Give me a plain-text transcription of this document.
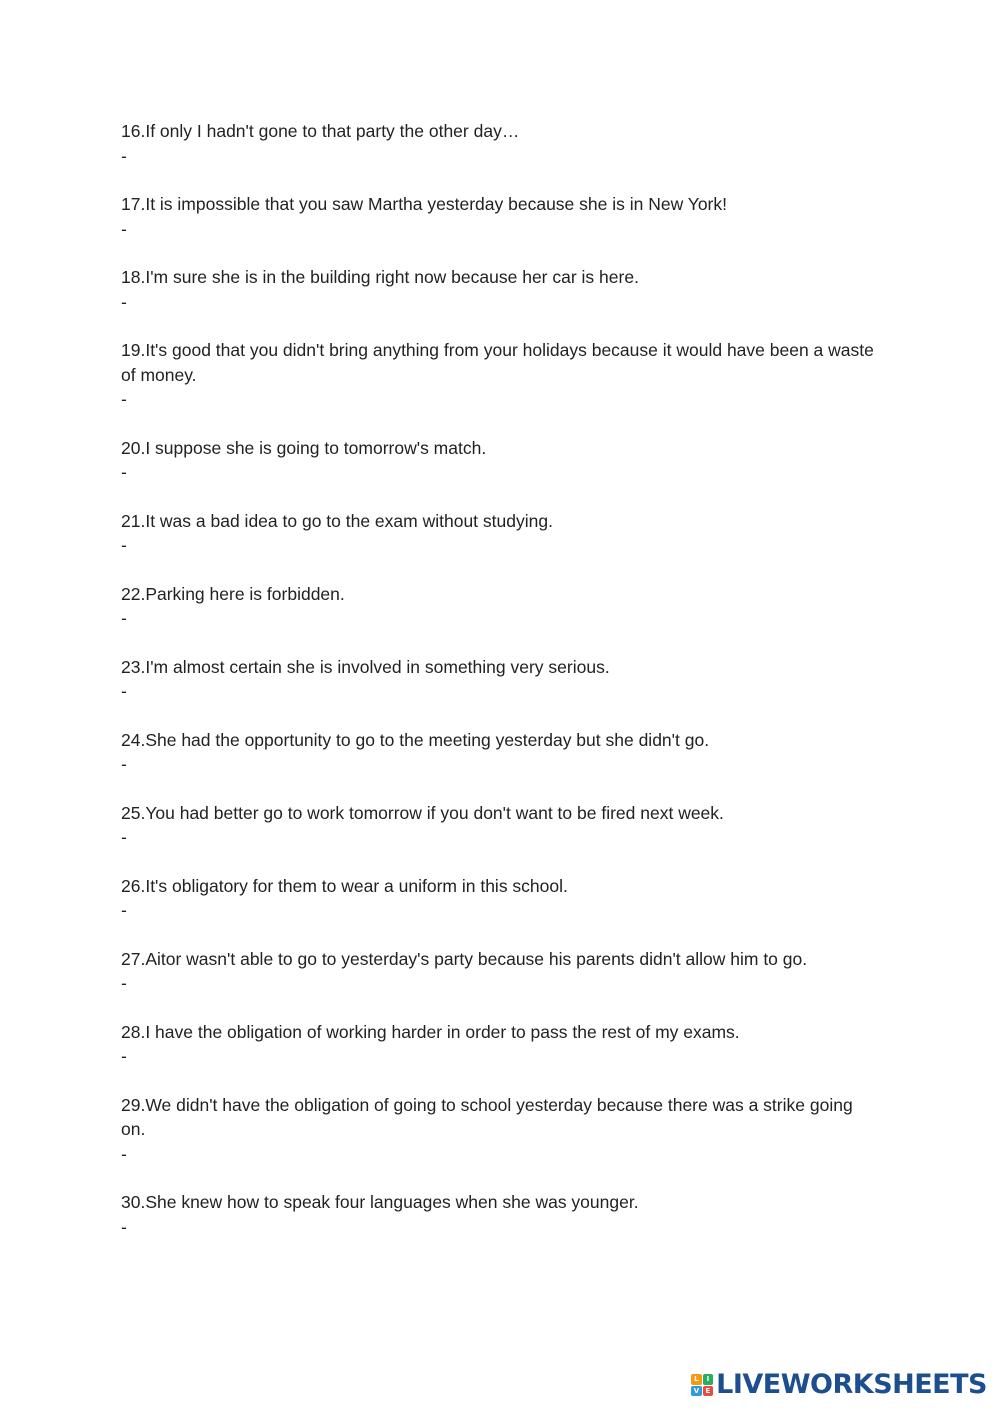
16.If only I hadn't gone to that party the other day…

-

17.It is impossible that you saw Martha yesterday because she is in New York!

-

18.I'm sure she is in the building right now because her car is here.

-

19.It's good that you didn't bring anything from your holidays because it would have been a waste of money.

-

20.I suppose she is going to tomorrow's match.

-

21.It was a bad idea to go to the exam without studying.

-

22.Parking here is forbidden.

-

23.I'm almost certain she is involved in something very serious.

-

24.She had the opportunity to go to the meeting yesterday but she didn't go.

-

25.You had better go to work tomorrow if you don't want to be fired next week.

-

26.It's obligatory for them to wear a uniform in this school.

-

27.Aitor wasn't able to go to yesterday's party because his parents didn't allow him to go.

-

28.I have the obligation of working harder in order to pass the rest of my exams.

-

29.We didn't have the obligation of going to school yesterday because there was a strike going on.

-

30.She knew how to speak four languages when she was younger.

-

L	I
V E LIVEWORKSHEETS
